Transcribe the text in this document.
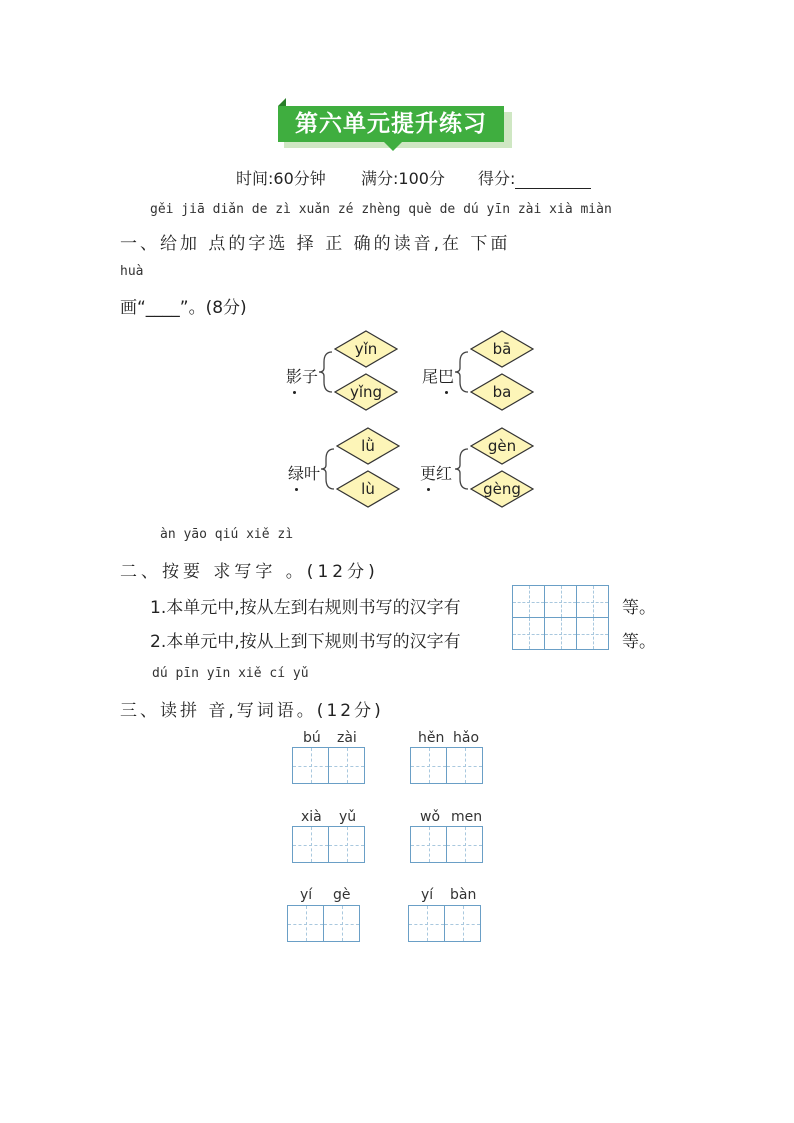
第六单元提升练习
时间:60分钟 满分:100分 得分:
gěi jiā diǎn de zì xuǎn zé zhèng què de dú yīn zài xià miàn
一、给加 点的字选 择 正 确的读音,在 下面
huà
画“____”。(8分)
影子
yǐn
yǐng
尾巴
bā
ba
绿叶
lǜ
lù
更红
gèn
gèng
àn yāo qiú xiě zì
二、按要 求写字 。(12分)
1.本单元中,按从左到右规则书写的汉字有	等。
2.本单元中,按从上到下规则书写的汉字有	等。
dú pīn yīn xiě cí yǔ
三、读拼 音,写词语。(12分)
bú zài	hěn hǎo
xià yǔ	wǒ men
yí gè	yí bàn
